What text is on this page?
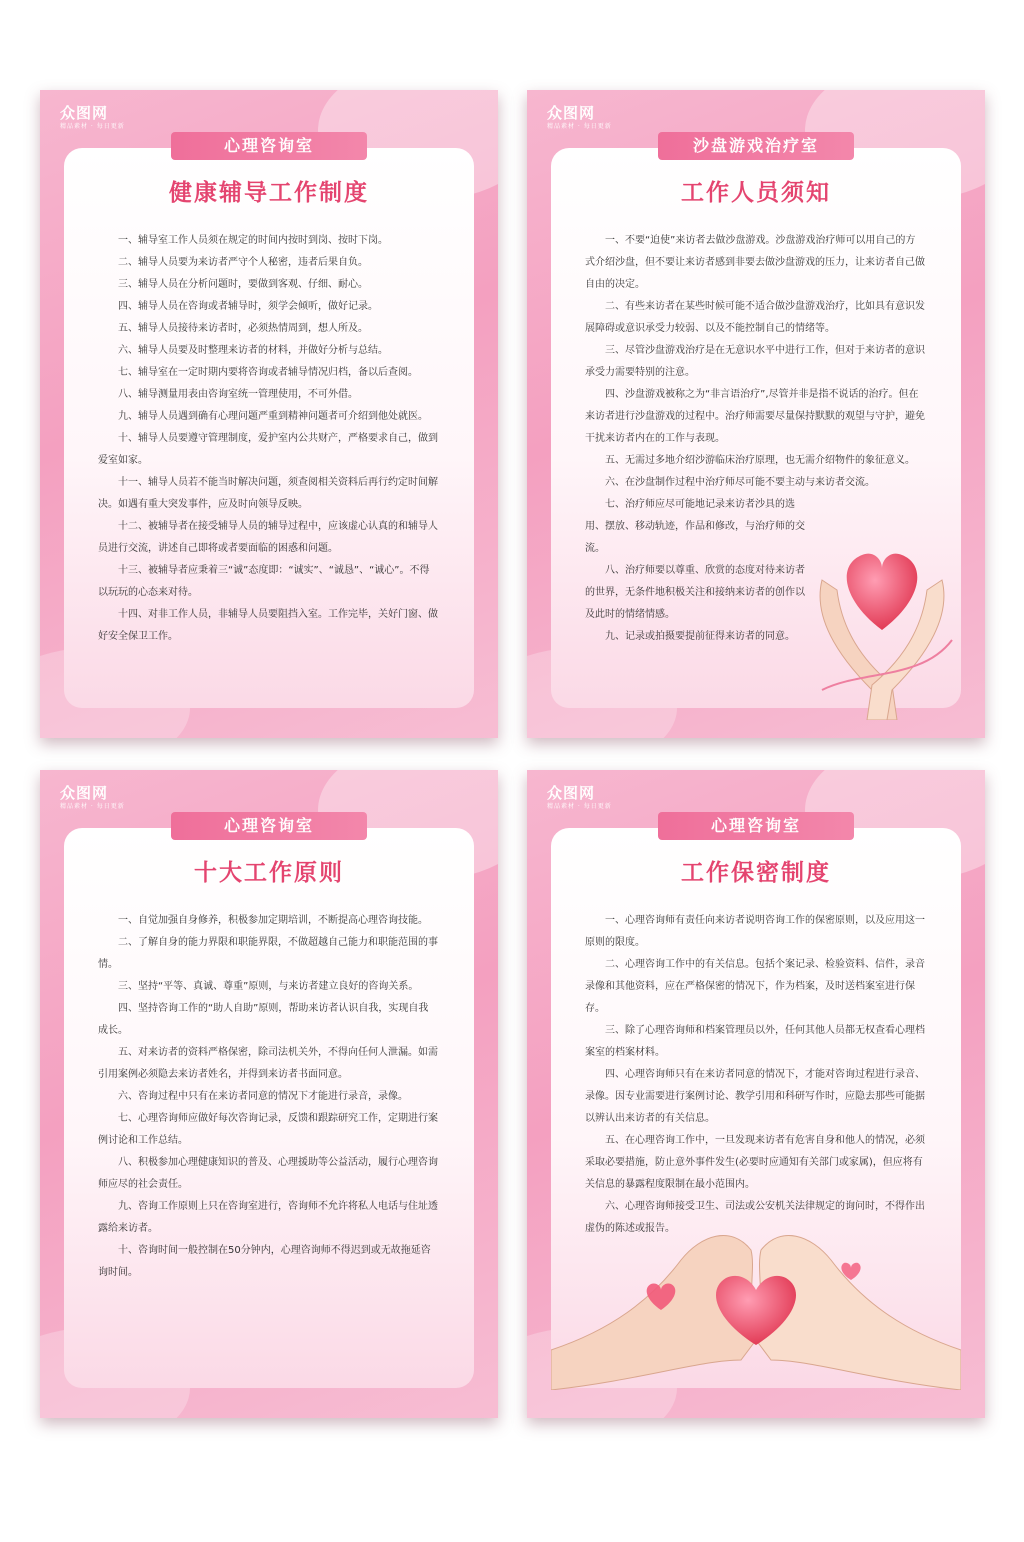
众图网
精品素材 · 每日更新
心理咨询室
健康辅导工作制度

一、辅导室工作人员须在规定的时间内按时到岗、按时下岗。

二、辅导人员要为来访者严守个人秘密，违者后果自负。

三、辅导人员在分析问题时，要做到客观、仔细、耐心。

四、辅导人员在咨询或者辅导时，须学会倾听，做好记录。

五、辅导人员接待来访者时，必须热情周到，想人所及。

六、辅导人员要及时整理来访者的材料，并做好分析与总结。

七、辅导室在一定时期内要将咨询或者辅导情况归档，备以后查阅。

八、辅导测量用表由咨询室统一管理使用，不可外借。

九、辅导人员遇到确有心理问题严重到精神问题者可介绍到他处就医。

十、辅导人员要遵守管理制度，爱护室内公共财产，严格要求自己，做到爱室如家。

十一、辅导人员若不能当时解决问题，须查阅相关资料后再行约定时间解决。如遇有重大突发事件，应及时向领导反映。

十二、被辅导者在接受辅导人员的辅导过程中，应该虚心认真的和辅导人员进行交流，讲述自己即将或者要面临的困惑和问题。

十三、被辅导者应秉着三“诚”态度即：“诚实”、“诚恳”、“诚心”。不得以玩玩的心态来对待。

十四、对非工作人员，非辅导人员要阻挡入室。工作完毕，关好门窗、做好安全保卫工作。

众图网
精品素材 · 每日更新
沙盘游戏治疗室
工作人员须知

一、不要“迫使”来访者去做沙盘游戏。沙盘游戏治疗师可以用自己的方式介绍沙盘，但不要让来访者感到非要去做沙盘游戏的压力，让来访者自己做自由的决定。

二、有些来访者在某些时候可能不适合做沙盘游戏治疗，比如具有意识发展障碍或意识承受力较弱、以及不能控制自己的情绪等。

三、尽管沙盘游戏治疗是在无意识水平中进行工作，但对于来访者的意识承受力需要特别的注意。

四、沙盘游戏被称之为“非言语治疗”,尽管并非是指不说话的治疗。但在来访者进行沙盘游戏的过程中。治疗师需要尽量保持默默的观望与守护，避免干扰来访者内在的工作与表现。

五、无需过多地介绍沙游临床治疗原理，也无需介绍物件的象征意义。

六、在沙盘制作过程中治疗师尽可能不要主动与来访者交流。

七、治疗师应尽可能地记录来访者沙具的选用、摆放、移动轨迹，作品和修改，与治疗师的交流。

八、治疗师要以尊重、欣赏的态度对待来访者的世界，无条件地积极关注和接纳来访者的创作以及此时的情绪情感。

九、记录或拍摄要提前征得来访者的同意。

众图网
精品素材 · 每日更新
心理咨询室
十大工作原则

一、自觉加强自身修养，积极参加定期培训，不断提高心理咨询技能。

二、了解自身的能力界限和职能界限，不做超越自己能力和职能范围的事情。

三、坚持“平等、真诚、尊重”原则，与来访者建立良好的咨询关系。

四、坚持咨询工作的“助人自助”原则，帮助来访者认识自我，实现自我成长。

五、对来访者的资料严格保密，除司法机关外，不得向任何人泄漏。如需引用案例必须隐去来访者姓名，并得到来访者书面同意。

六、咨询过程中只有在来访者同意的情况下才能进行录音，录像。

七、心理咨询师应做好每次咨询记录，反馈和跟踪研究工作，定期进行案例讨论和工作总结。

八、积极参加心理健康知识的普及、心理援助等公益活动，履行心理咨询师应尽的社会责任。

九、咨询工作原则上只在咨询室进行，咨询师不允许将私人电话与住址透露给来访者。

十、咨询时间一般控制在50分钟内，心理咨询师不得迟到或无故拖延咨询时间。

众图网
精品素材 · 每日更新
心理咨询室
工作保密制度

一、心理咨询师有责任向来访者说明咨询工作的保密原则，以及应用这一原则的限度。

二、心理咨询工作中的有关信息。包括个案记录、检验资料、信件，录音录像和其他资料，应在严格保密的情况下，作为档案，及时送档案室进行保存。

三、除了心理咨询师和档案管理员以外，任何其他人员都无权查看心理档案室的档案材料。

四、心理咨询师只有在来访者同意的情况下，才能对咨询过程进行录音、录像。因专业需要进行案例讨论、教学引用和科研写作时，应隐去那些可能据以辨认出来访者的有关信息。

五、在心理咨询工作中，一旦发现来访者有危害自身和他人的情况，必须采取必要措施，防止意外事件发生(必要时应通知有关部门或家属)，但应将有关信息的暴露程度限制在最小范围内。

六、心理咨询师接受卫生、司法或公安机关法律规定的询问时，不得作出虚伪的陈述或报告。
